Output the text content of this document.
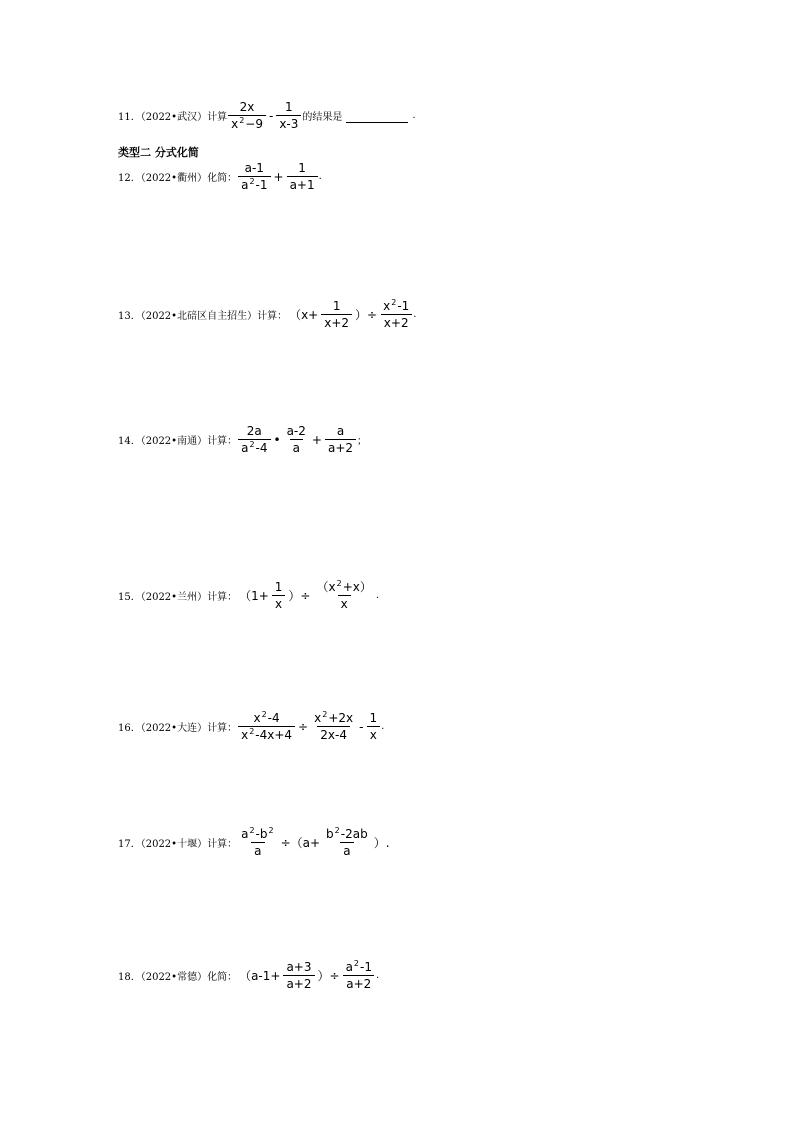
11．（2022•武汉）计算 $\frac{2x}{x^2-9} - \frac{1}{x-3}$ 的结果是	.
类型二 分式化简
12．（2022•衢州）化简： $\frac{a-1}{a^2-1} + \frac{1}{a+1}$ .
13．（2022•北碚区自主招生）计算： （$x+ \frac{1}{x+2}$ ）÷ $\frac{x^2-1}{x+2}$ .
14．（2022•南通）计算： $\frac{2a}{a^2-4}$ • $\frac{a-2}{a} + \frac{a}{a+2}$ ；
15．（2022•兰州）计算： （$1+ \frac{1}{x}$ ）÷ $\frac{(x^2+x)}{x}$ .
16．（2022•大连）计算： $\frac{x^2-4}{x^2-4x+4} \div \frac{x^2+2x}{2x-4} - \frac{1}{x}$ .
17．（2022•十堰）计算： $\frac{a^2-b^2}{a} \div(a+ \frac{b^2-2ab}{a}$ ）.
18．（2022•常德）化简： （$a-1+ \frac{a+3}{a+2}$ ）÷ $\frac{a^2-1}{a+2}$ .
